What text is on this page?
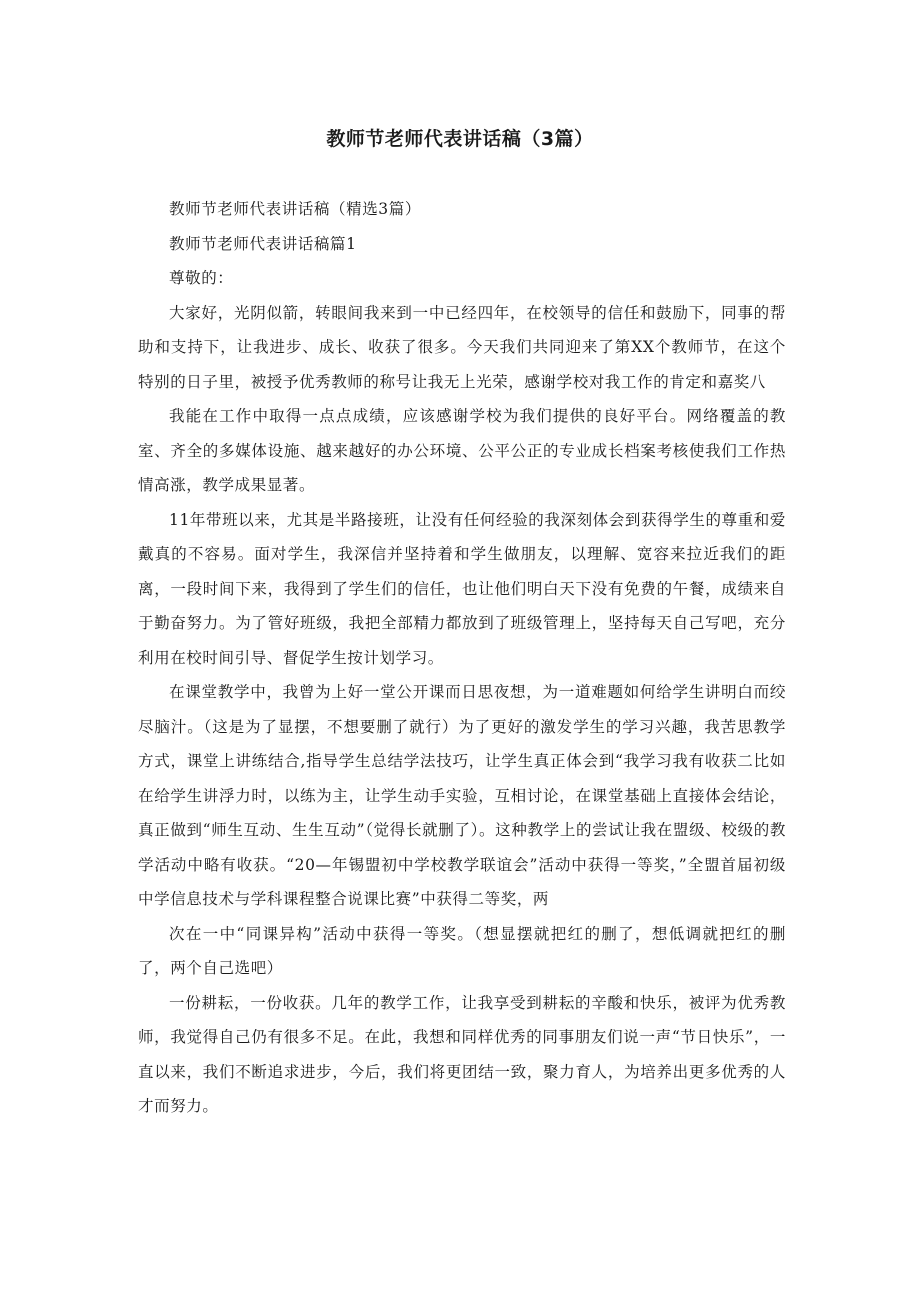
教师节老师代表讲话稿（3篇）

教师节老师代表讲话稿（精选3篇）

教师节老师代表讲话稿篇1

尊敬的：

大家好，光阴似箭，转眼间我来到一中已经四年，在校领导的信任和鼓励下，同事的帮助和支持下，让我进步、成长、收获了很多。今天我们共同迎来了第XX个教师节，在这个特别的日子里，被授予优秀教师的称号让我无上光荣，感谢学校对我工作的肯定和嘉奖八

我能在工作中取得一点点成绩，应该感谢学校为我们提供的良好平台。网络覆盖的教室、齐全的多媒体设施、越来越好的办公环境、公平公正的专业成长档案考核使我们工作热情高涨，教学成果显著。

11年带班以来，尤其是半路接班，让没有任何经验的我深刻体会到获得学生的尊重和爱戴真的不容易。面对学生，我深信并坚持着和学生做朋友，以理解、宽容来拉近我们的距离，一段时间下来，我得到了学生们的信任，也让他们明白天下没有免费的午餐，成绩来自于勤奋努力。为了管好班级，我把全部精力都放到了班级管理上，坚持每天自己写吧，充分利用在校时间引导、督促学生按计划学习。

在课堂教学中，我曾为上好一堂公开课而日思夜想，为一道难题如何给学生讲明白而绞尽脑汁。（这是为了显摆，不想要删了就行）为了更好的激发学生的学习兴趣，我苦思教学方式，课堂上讲练结合,指导学生总结学法技巧，让学生真正体会到“我学习我有收获二比如在给学生讲浮力时，以练为主，让学生动手实验，互相讨论，在课堂基础上直接体会结论，真正做到“师生互动、生生互动”（觉得长就删了）。这种教学上的尝试让我在盟级、校级的教学活动中略有收获。“20—年锡盟初中学校教学联谊会”活动中获得一等奖，”全盟首届初级中学信息技术与学科课程整合说课比赛”中获得二等奖，两

次在一中“同课异构”活动中获得一等奖。（想显摆就把红的删了，想低调就把红的删了，两个自己选吧）

一份耕耘，一份收获。几年的教学工作，让我享受到耕耘的辛酸和快乐，被评为优秀教师，我觉得自己仍有很多不足。在此，我想和同样优秀的同事朋友们说一声“节日快乐”，一直以来，我们不断追求进步，今后，我们将更团结一致，聚力育人，为培养出更多优秀的人才而努力。
